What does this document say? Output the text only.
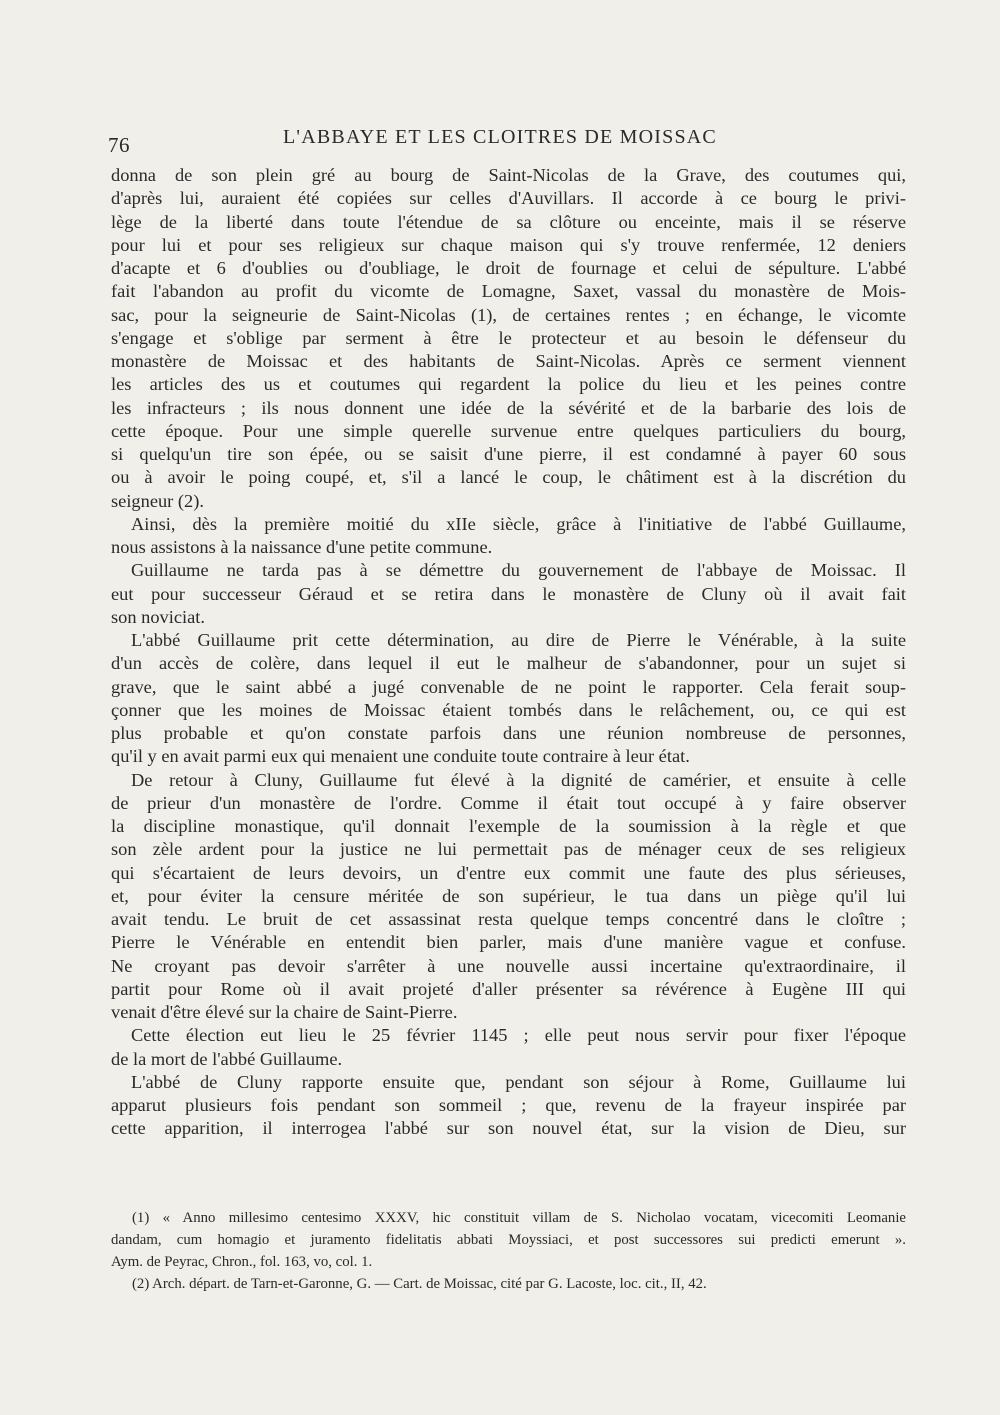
76	L'ABBAYE ET LES CLOITRES DE MOISSAC
donna de son plein gré au bourg de Saint-Nicolas de la Grave, des coutumes qui,
d'après lui, auraient été copiées sur celles d'Auvillars. Il accorde à ce bourg le privi-
lège de la liberté dans toute l'étendue de sa clôture ou enceinte, mais il se réserve
pour lui et pour ses religieux sur chaque maison qui s'y trouve renfermée, 12 deniers
d'acapte et 6 d'oublies ou d'oubliage, le droit de fournage et celui de sépulture. L'abbé
fait l'abandon au profit du vicomte de Lomagne, Saxet, vassal du monastère de Mois-
sac, pour la seigneurie de Saint-Nicolas (1), de certaines rentes ; en échange, le vicomte
s'engage et s'oblige par serment à être le protecteur et au besoin le défenseur du
monastère de Moissac et des habitants de Saint-Nicolas. Après ce serment viennent
les articles des us et coutumes qui regardent la police du lieu et les peines contre
les infracteurs ; ils nous donnent une idée de la sévérité et de la barbarie des lois de
cette époque. Pour une simple querelle survenue entre quelques particuliers du bourg,
si quelqu'un tire son épée, ou se saisit d'une pierre, il est condamné à payer 60 sous
ou à avoir le poing coupé, et, s'il a lancé le coup, le châtiment est à la discrétion du
seigneur (2).
Ainsi, dès la première moitié du xIIe siècle, grâce à l'initiative de l'abbé Guillaume,
nous assistons à la naissance d'une petite commune.
Guillaume ne tarda pas à se démettre du gouvernement de l'abbaye de Moissac. Il
eut pour successeur Géraud et se retira dans le monastère de Cluny où il avait fait
son noviciat.
L'abbé Guillaume prit cette détermination, au dire de Pierre le Vénérable, à la suite
d'un accès de colère, dans lequel il eut le malheur de s'abandonner, pour un sujet si
grave, que le saint abbé a jugé convenable de ne point le rapporter. Cela ferait soup-
çonner que les moines de Moissac étaient tombés dans le relâchement, ou, ce qui est
plus probable et qu'on constate parfois dans une réunion nombreuse de personnes,
qu'il y en avait parmi eux qui menaient une conduite toute contraire à leur état.
De retour à Cluny, Guillaume fut élevé à la dignité de camérier, et ensuite à celle
de prieur d'un monastère de l'ordre. Comme il était tout occupé à y faire observer
la discipline monastique, qu'il donnait l'exemple de la soumission à la règle et que
son zèle ardent pour la justice ne lui permettait pas de ménager ceux de ses religieux
qui s'écartaient de leurs devoirs, un d'entre eux commit une faute des plus sérieuses,
et, pour éviter la censure méritée de son supérieur, le tua dans un piège qu'il lui
avait tendu. Le bruit de cet assassinat resta quelque temps concentré dans le cloître ;
Pierre le Vénérable en entendit bien parler, mais d'une manière vague et confuse.
Ne croyant pas devoir s'arrêter à une nouvelle aussi incertaine qu'extraordinaire, il
partit pour Rome où il avait projeté d'aller présenter sa révérence à Eugène III qui
venait d'être élevé sur la chaire de Saint-Pierre.
Cette élection eut lieu le 25 février 1145 ; elle peut nous servir pour fixer l'époque
de la mort de l'abbé Guillaume.
L'abbé de Cluny rapporte ensuite que, pendant son séjour à Rome, Guillaume lui
apparut plusieurs fois pendant son sommeil ; que, revenu de la frayeur inspirée par
cette apparition, il interrogea l'abbé sur son nouvel état, sur la vision de Dieu, sur
(1) « Anno millesimo centesimo XXXV, hic constituit villam de S. Nicholao vocatam, vicecomiti Leomanie
dandam, cum homagio et juramento fidelitatis abbati Moyssiaci, et post successores sui predicti emerunt ».
Aym. de Peyrac, Chron., fol. 163, vo, col. 1.
(2) Arch. départ. de Tarn-et-Garonne, G. — Cart. de Moissac, cité par G. Lacoste, loc. cit., II, 42.
